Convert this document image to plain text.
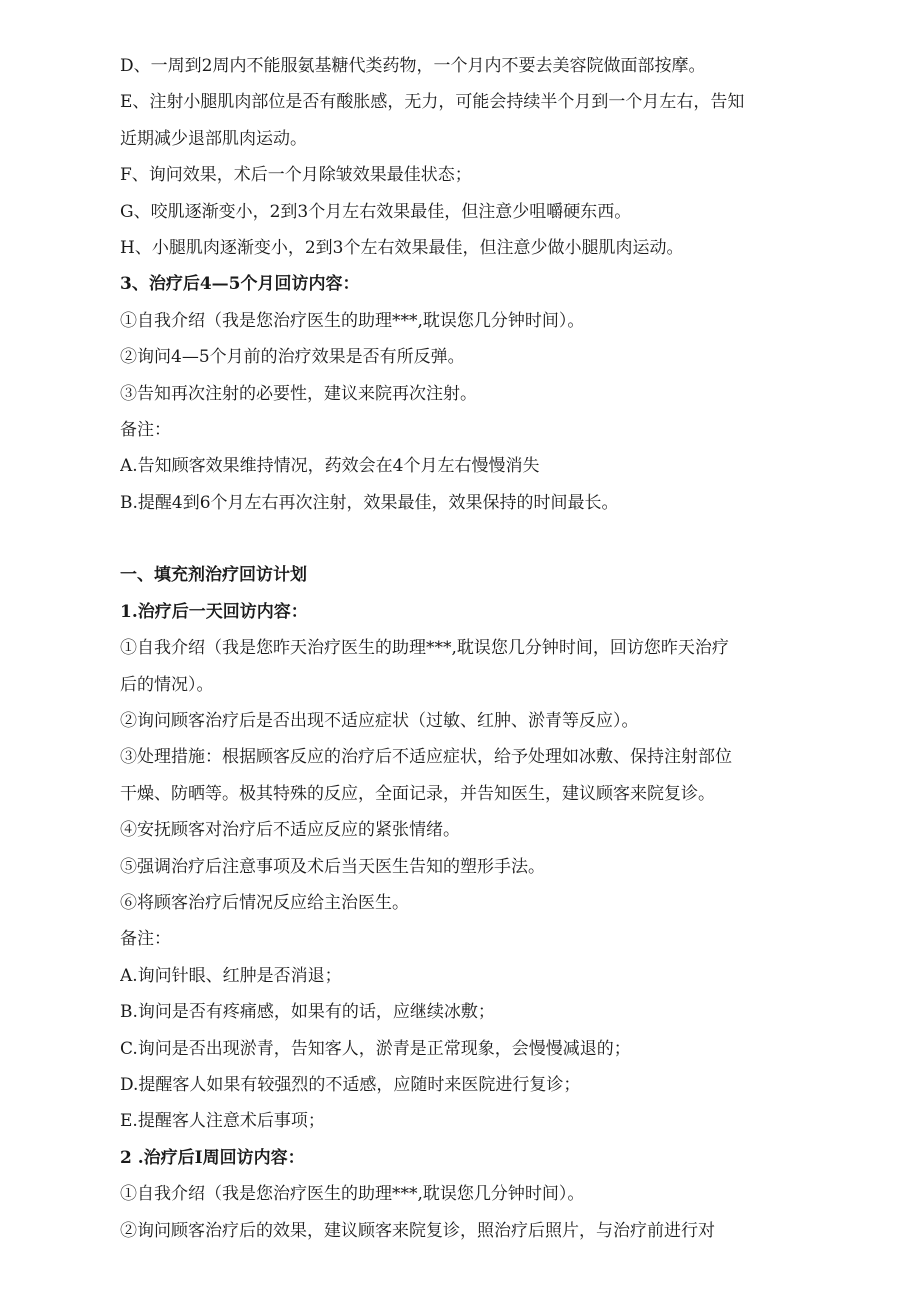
D、一周到2周内不能服氨基糖代类药物，一个月内不要去美容院做面部按摩。
E、注射小腿肌肉部位是否有酸胀感，无力，可能会持续半个月到一个月左右，告知
近期减少退部肌肉运动。
F、询问效果，术后一个月除皱效果最佳状态；
G、咬肌逐渐变小，2到3个月左右效果最佳，但注意少咀嚼硬东西。
H、小腿肌肉逐渐变小，2到3个左右效果最佳，但注意少做小腿肌肉运动。
3、治疗后4—5个月回访内容：
①自我介绍（我是您治疗医生的助理***,耽误您几分钟时间）。
②询问4—5个月前的治疗效果是否有所反弹。
③告知再次注射的必要性，建议来院再次注射。
备注：
A.告知顾客效果维持情况，药效会在4个月左右慢慢消失
B.提醒4到6个月左右再次注射，效果最佳，效果保持的时间最长。
一、填充剂治疗回访计划
1.治疗后一天回访内容：
①自我介绍（我是您昨天治疗医生的助理***,耽误您几分钟时间，回访您昨天治疗
后的情况）。
②询问顾客治疗后是否出现不适应症状（过敏、红肿、淤青等反应）。
③处理措施：根据顾客反应的治疗后不适应症状，给予处理如冰敷、保持注射部位
干燥、防晒等。极其特殊的反应，全面记录，并告知医生，建议顾客来院复诊。
④安抚顾客对治疗后不适应反应的紧张情绪。
⑤强调治疗后注意事项及术后当天医生告知的塑形手法。
⑥将顾客治疗后情况反应给主治医生。
备注：
A.询问针眼、红肿是否消退；
B.询问是否有疼痛感，如果有的话，应继续冰敷；
C.询问是否出现淤青，告知客人，淤青是正常现象，会慢慢减退的；
D.提醒客人如果有较强烈的不适感，应随时来医院进行复诊；
E.提醒客人注意术后事项；
2 .治疗后I周回访内容：
①自我介绍（我是您治疗医生的助理***,耽误您几分钟时间）。
②询问顾客治疗后的效果，建议顾客来院复诊，照治疗后照片，与治疗前进行对
